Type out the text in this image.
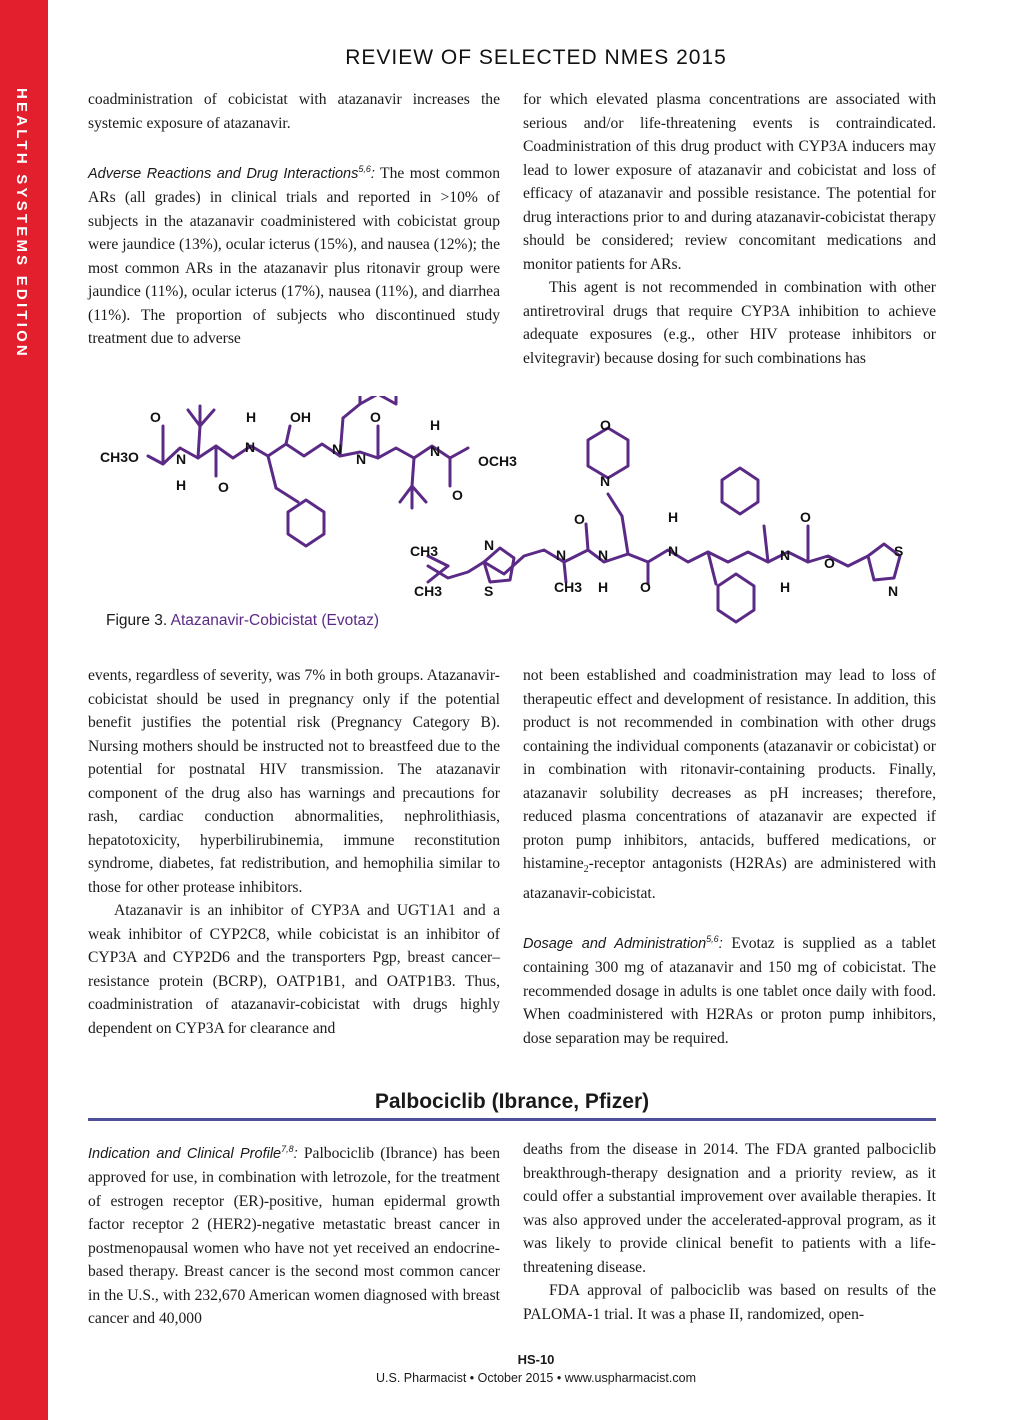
HEALTH SYSTEMS EDITION
REVIEW OF SELECTED NMES 2015

coadministration of cobicistat with atazanavir increases the systemic exposure of atazanavir.

Adverse Reactions and Drug Interactions$^{5,6}$: The most common ARs (all grades) in clinical trials and reported in >10% of subjects in the atazanavir coadministered with cobicistat group were jaundice (13%), ocular icterus (15%), and nausea (12%); the most common ARs in the atazanavir plus ritonavir group were jaundice (11%), ocular icterus (17%), nausea (11%), and diarrhea (11%). The proportion of subjects who discontinued study treatment due to adverse

for which elevated plasma concentrations are associated with serious and/or life-threatening events is contraindicated. Coadministration of this drug product with CYP3A inducers may lead to lower exposure of atazanavir and cobicistat and loss of efficacy of atazanavir and possible resistance. The potential for drug interactions prior to and during atazanavir-cobicistat therapy should be considered; review concomitant medications and monitor patients for ARs.

This agent is not recommended in combination with other antiretroviral drugs that require CYP3A inhibition to achieve adequate exposures (e.g., other HIV protease inhibitors or elvitegravir) because dosing for such combinations has

O
CH3O	N
H O
H
N
OH
N
N
O	H
N
OCH3
O
O
N
O
CH3
CH3
N
S
N
CH3
N
H O
H
N
O
N
H
O
S
N
Figure 3. Atazanavir-Cobicistat (Evotaz)

events, regardless of severity, was 7% in both groups. Atazanavir-cobicistat should be used in pregnancy only if the potential benefit justifies the potential risk (Pregnancy Category B). Nursing mothers should be instructed not to breastfeed due to the potential for postnatal HIV transmission. The atazanavir component of the drug also has warnings and precautions for rash, cardiac conduction abnormalities, nephrolithiasis, hepatotoxicity, hyperbilirubinemia, immune reconstitution syndrome, diabetes, fat redistribution, and hemophilia similar to those for other protease inhibitors.

Atazanavir is an inhibitor of CYP3A and UGT1A1 and a weak inhibitor of CYP2C8, while cobicistat is an inhibitor of CYP3A and CYP2D6 and the transporters Pgp, breast cancer–resistance protein (BCRP), OATP1B1, and OATP1B3. Thus, coadministration of atazanavir-cobicistat with drugs highly dependent on CYP3A for clearance and

not been established and coadministration may lead to loss of therapeutic effect and development of resistance. In addition, this product is not recommended in combination with other drugs containing the individual components (atazanavir or cobicistat) or in combination with ritonavir-containing products. Finally, atazanavir solubility decreases as pH increases; therefore, reduced plasma concentrations of atazanavir are expected if proton pump inhibitors, antacids, buffered medications, or histamine$_2$-receptor antagonists (H2RAs) are administered with atazanavir-cobicistat.

Dosage and Administration$^{5,6}$: Evotaz is supplied as a tablet containing 300 mg of atazanavir and 150 mg of cobicistat. The recommended dosage in adults is one tablet once daily with food. When coadministered with H2RAs or proton pump inhibitors, dose separation may be required.

Palbociclib (Ibrance, Pfizer)

Indication and Clinical Profile$^{7,8}$: Palbociclib (Ibrance) has been approved for use, in combination with letrozole, for the treatment of estrogen receptor (ER)-positive, human epidermal growth factor receptor 2 (HER2)-negative metastatic breast cancer in postmenopausal women who have not yet received an endocrine-based therapy. Breast cancer is the second most common cancer in the U.S., with 232,670 American women diagnosed with breast cancer and 40,000

deaths from the disease in 2014. The FDA granted palbociclib breakthrough-therapy designation and a priority review, as it could offer a substantial improvement over available therapies. It was also approved under the accelerated-approval program, as it was likely to provide clinical benefit to patients with a life-threatening disease.

FDA approval of palbociclib was based on results of the PALOMA-1 trial. It was a phase II, randomized, open-

HS-10
U.S. Pharmacist • October 2015 • www.uspharmacist.com
